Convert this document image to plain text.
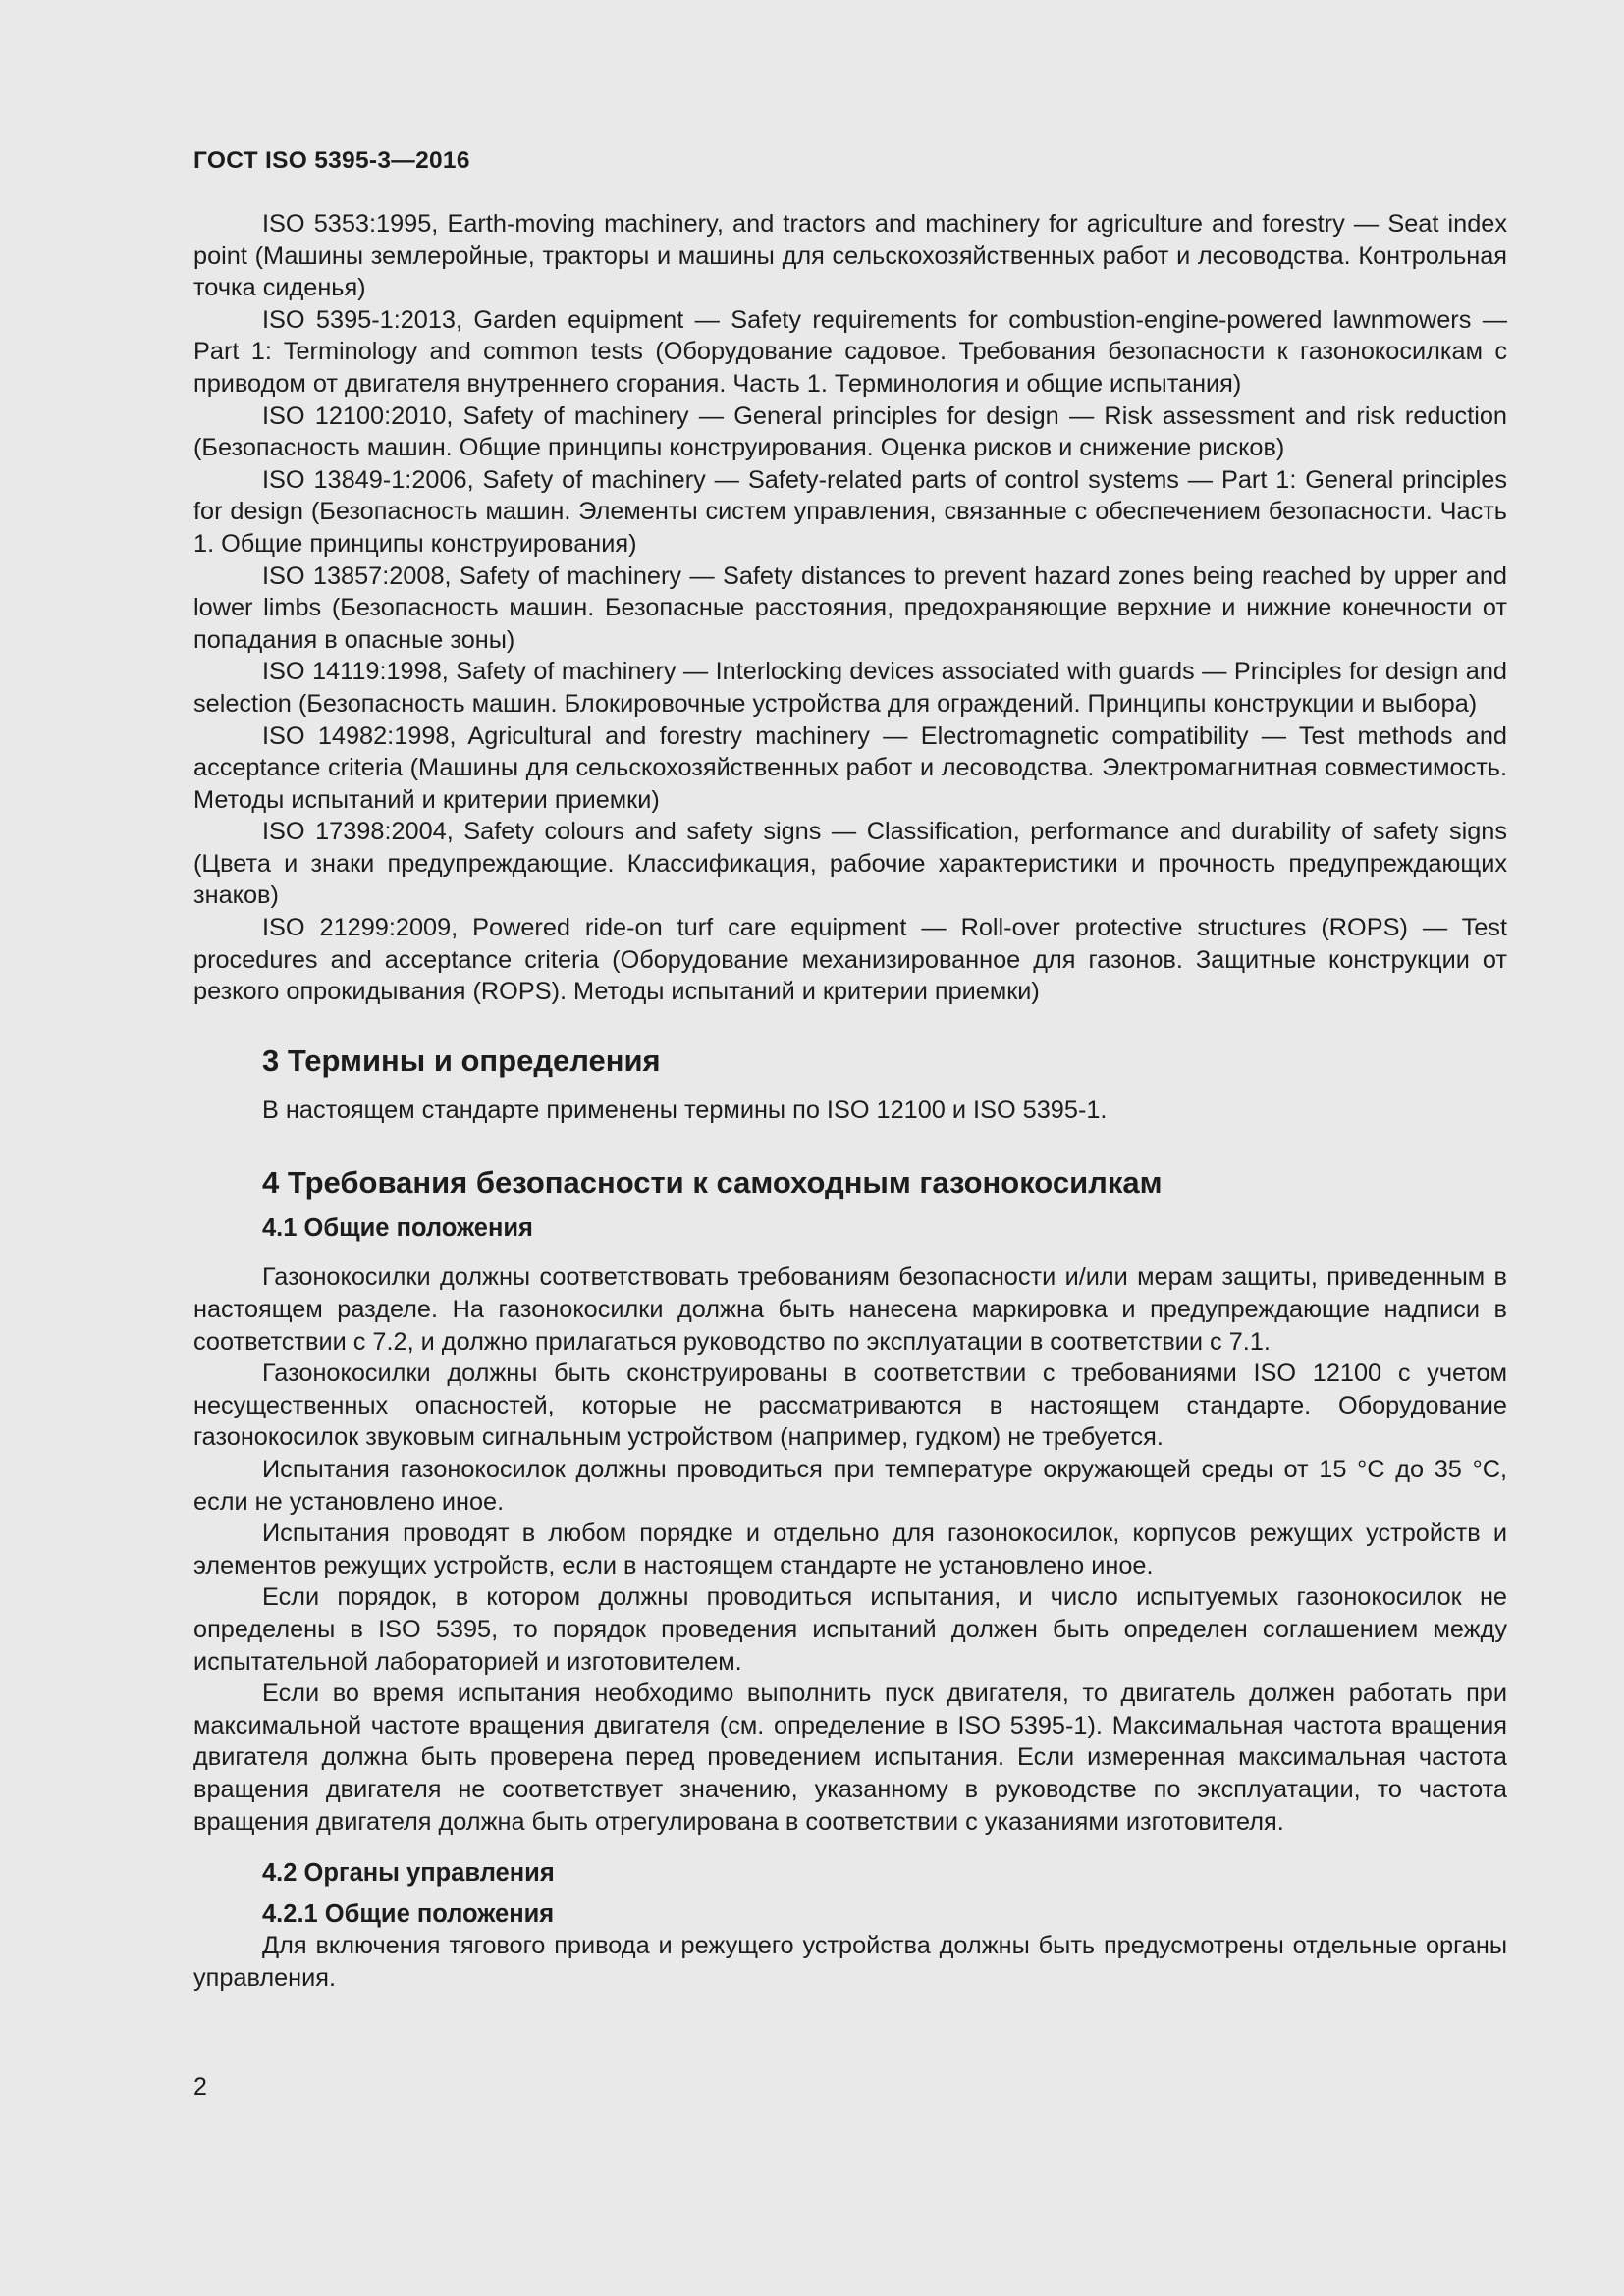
ГОСТ ISO 5395-3—2016

ISO 5353:1995, Earth-moving machinery, and tractors and machinery for agriculture and forestry — Seat index point (Машины землеройные, тракторы и машины для сельскохозяйственных работ и лесоводства. Контрольная точка сиденья)

ISO 5395-1:2013, Garden equipment — Safety requirements for combustion-engine-powered lawnmowers — Part 1: Terminology and common tests (Оборудование садовое. Требования безопасности к газонокосилкам с приводом от двигателя внутреннего сгорания. Часть 1. Терминология и общие испытания)

ISO 12100:2010, Safety of machinery — General principles for design — Risk assessment and risk reduction (Безопасность машин. Общие принципы конструирования. Оценка рисков и снижение рисков)

ISO 13849-1:2006, Safety of machinery — Safety-related parts of control systems — Part 1: General principles for design (Безопасность машин. Элементы систем управления, связанные с обеспечением безопасности. Часть 1. Общие принципы конструирования)

ISO 13857:2008, Safety of machinery — Safety distances to prevent hazard zones being reached by upper and lower limbs (Безопасность машин. Безопасные расстояния, предохраняющие верхние и нижние конечности от попадания в опасные зоны)

ISO 14119:1998, Safety of machinery — Interlocking devices associated with guards — Principles for design and selection (Безопасность машин. Блокировочные устройства для ограждений. Принципы конструкции и выбора)

ISO 14982:1998, Agricultural and forestry machinery — Electromagnetic compatibility — Test methods and acceptance criteria (Машины для сельскохозяйственных работ и лесоводства. Электромагнитная совместимость. Методы испытаний и критерии приемки)

ISO 17398:2004, Safety colours and safety signs — Classification, performance and durability of safety signs (Цвета и знаки предупреждающие. Классификация, рабочие характеристики и прочность предупреждающих знаков)

ISO 21299:2009, Powered ride-on turf care equipment — Roll-over protective structures (ROPS) — Test procedures and acceptance criteria (Оборудование механизированное для газонов. Защитные конструкции от резкого опрокидывания (ROPS). Методы испытаний и критерии приемки)

3 Термины и определения
В настоящем стандарте применены термины по ISO 12100 и ISO 5395-1.
4 Требования безопасности к самоходным газонокосилкам
4.1 Общие положения

Газонокосилки должны соответствовать требованиям безопасности и/или мерам защиты, приведенным в настоящем разделе. На газонокосилки должна быть нанесена маркировка и предупреждающие надписи в соответствии с 7.2, и должно прилагаться руководство по эксплуатации в соответствии с 7.1.

Газонокосилки должны быть сконструированы в соответствии с требованиями ISO 12100 с учетом несущественных опасностей, которые не рассматриваются в настоящем стандарте. Оборудование газонокосилок звуковым сигнальным устройством (например, гудком) не требуется.

Испытания газонокосилок должны проводиться при температуре окружающей среды от 15 °С до 35 °С, если не установлено иное.

Испытания проводят в любом порядке и отдельно для газонокосилок, корпусов режущих устройств и элементов режущих устройств, если в настоящем стандарте не установлено иное.

Если порядок, в котором должны проводиться испытания, и число испытуемых газонокосилок не определены в ISO 5395, то порядок проведения испытаний должен быть определен соглашением между испытательной лабораторией и изготовителем.

Если во время испытания необходимо выполнить пуск двигателя, то двигатель должен работать при максимальной частоте вращения двигателя (см. определение в ISO 5395-1). Максимальная частота вращения двигателя должна быть проверена перед проведением испытания. Если измеренная максимальная частота вращения двигателя не соответствует значению, указанному в руководстве по эксплуатации, то частота вращения двигателя должна быть отрегулирована в соответствии с указаниями изготовителя.

4.2 Органы управления
4.2.1 Общие положения

Для включения тягового привода и режущего устройства должны быть предусмотрены отдельные органы управления.

2
